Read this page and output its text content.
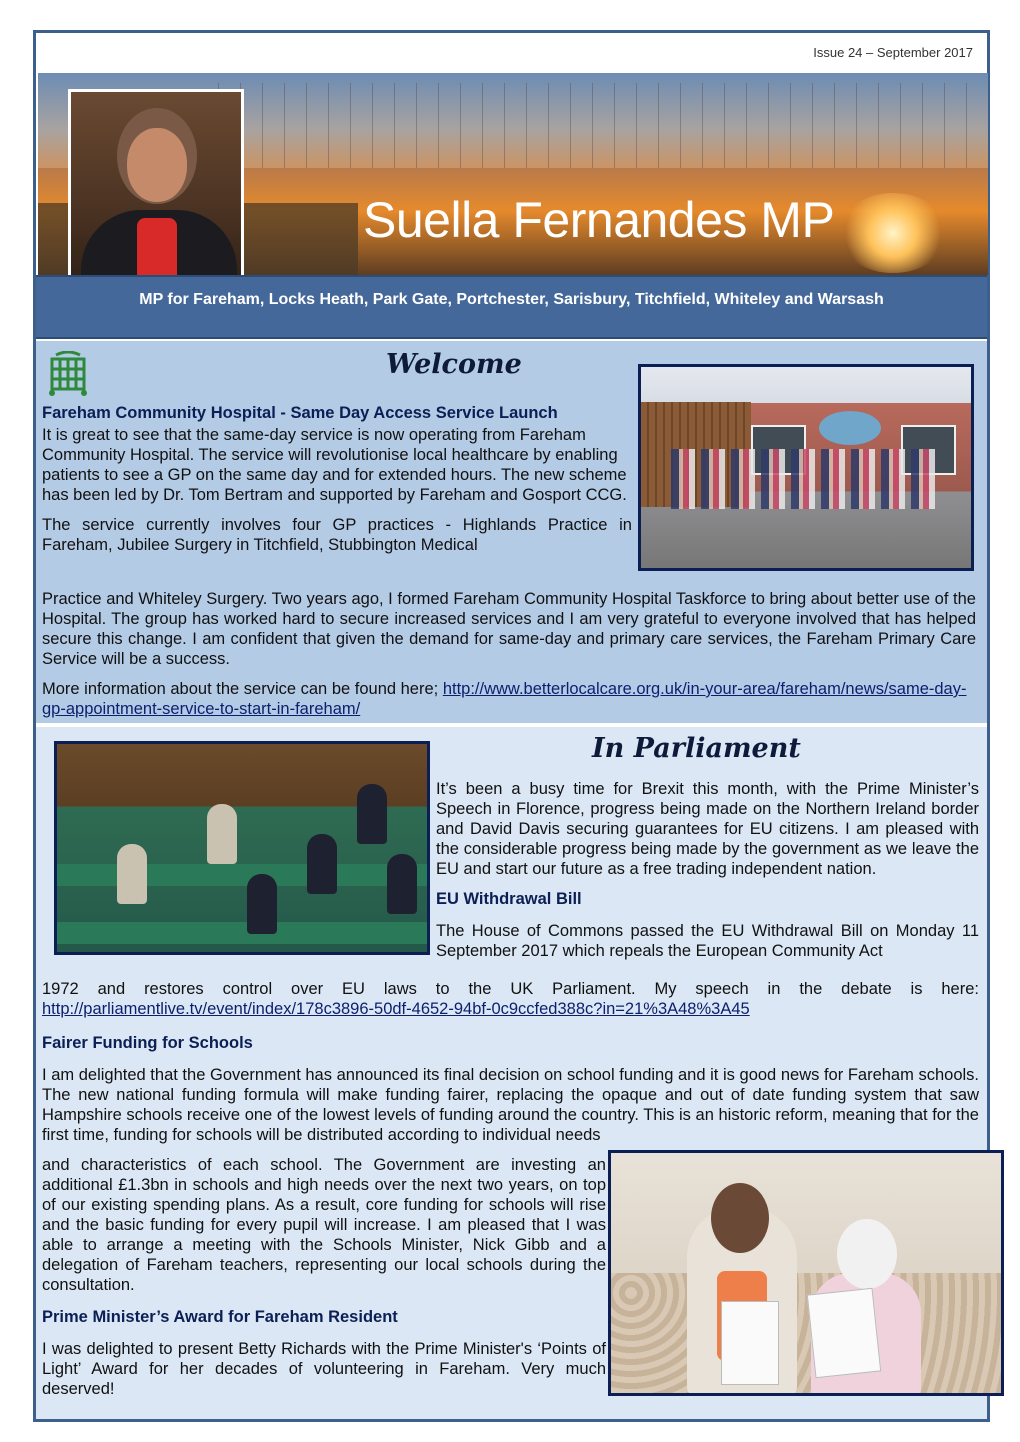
Issue 24 – September 2017
Suella Fernandes MP

MP for Fareham, Locks Heath, Park Gate, Portchester, Sarisbury, Titchfield, Whiteley and Warsash

Welcome
Fareham Community Hospital - Same Day Access Service Launch

It is great to see that the same-day service is now operating from Fareham Community Hospital. The service will revolutionise local healthcare by enabling patients to see a GP on the same day and for extended hours. The new scheme has been led by Dr. Tom Bertram and supported by Fareham and Gosport CCG.

The service currently involves four GP practices - Highlands Practice in Fareham, Jubilee Surgery in Titchfield, Stubbington Medical

Practice and Whiteley Surgery. Two years ago, I formed Fareham Community Hospital Taskforce to bring about better use of the Hospital. The group has worked hard to secure increased services and I am very grateful to everyone involved that has helped secure this change. I am confident that given the demand for same-day and primary care services, the Fareham Primary Care Service will be a success.

More information about the service can be found here; http://www.betterlocalcare.org.uk/in-your-area/fareham/news/same-day-gp-appointment-service-to-start-in-fareham/

In Parliament

It’s been a busy time for Brexit this month, with the Prime Minister’s Speech in Florence, progress being made on the Northern Ireland border and David Davis securing guarantees for EU citizens. I am pleased with the considerable progress being made by the government as we leave the EU and start our future as a free trading independent nation.

EU Withdrawal Bill

The House of Commons passed the EU Withdrawal Bill on Monday 11 September 2017 which repeals the European Community Act

1972 and restores control over EU laws to the UK Parliament. My speech in the debate is here: http://parliamentlive.tv/event/index/178c3896-50df-4652-94bf-0c9ccfed388c?in=21%3A48%3A45

Fairer Funding for Schools

I am delighted that the Government has announced its final decision on school funding and it is good news for Fareham schools. The new national funding formula will make funding fairer, replacing the opaque and out of date funding system that saw Hampshire schools receive one of the lowest levels of funding around the country. This is an historic reform, meaning that for the first time, funding for schools will be distributed according to individual needs

and characteristics of each school. The Government are investing an additional £1.3bn in schools and high needs over the next two years, on top of our existing spending plans. As a result, core funding for schools will rise and the basic funding for every pupil will increase. I am pleased that I was able to arrange a meeting with the Schools Minister, Nick Gibb and a delegation of Fareham teachers, representing our local schools during the consultation.

Prime Minister’s Award for Fareham Resident

I was delighted to present Betty Richards with the Prime Minister's ‘Points of Light’ Award for her decades of volunteering in Fareham. Very much deserved!
